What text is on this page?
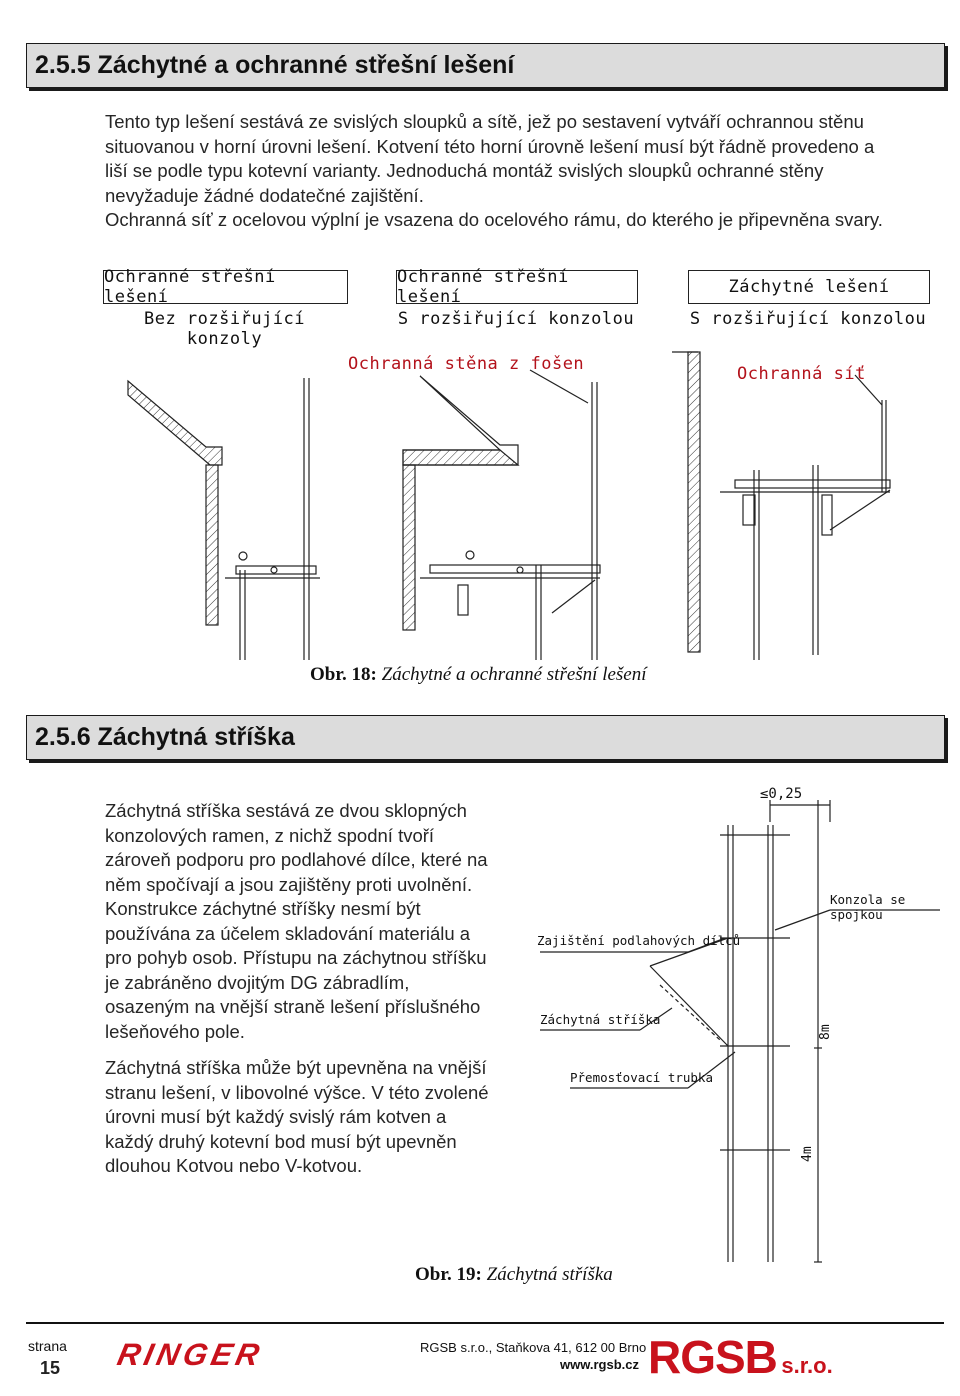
2.5.5 Záchytné a ochranné střešní lešení
Tento typ lešení sestává ze svislých sloupků a sítě, jež po sestavení vytváří ochrannou stěnu
situovanou v horní úrovni lešení. Kotvení této horní úrovně lešení musí být řádně provedeno a
liší se podle typu kotevní varianty. Jednoduchá montáž svislých sloupků ochranné stěny
nevyžaduje žádné dodatečné zajištění.
Ochranná síť z ocelovou výplní je vsazena do ocelového rámu, do kterého je připevněna svary.
Ochranné střešní lešení
Ochranné střešní lešení	Záchytné lešení
Bez rozšiřující konzoly
S rozšiřující konzolou	S rozšiřující konzolou
Ochranná stěna z fošen	Ochranná síť
Obr. 18: Záchytné a ochranné střešní lešení
2.5.6 Záchytná stříška
Záchytná stříška sestává ze dvou sklopných
konzolových ramen, z nichž spodní tvoří
zároveň podporu pro podlahové dílce, které na
něm spočívají a jsou zajištěny proti uvolnění.
Konstrukce záchytné stříšky nesmí být
používána za účelem skladování materiálu a
pro pohyb osob. Přístupu na záchytnou stříšku
je zabráněno dvojitým DG zábradlím,
osazeným na vnější straně lešení příslušného
lešeňového pole.
Záchytná stříška může být upevněna na vnější
stranu lešení, v libovolné výšce. V této zvolené
úrovni musí být každý svislý rám kotven a
každý druhý kotevní bod musí být upevněn
dlouhou Kotvou nebo V-kotvou.
≤0,25
Konzola se spojkou
Zajištění podlahových dílců
Záchytná stříška
Přemosťovací trubka
8m
4m
Obr. 19: Záchytná stříška
strana
15 RINGER	RGSB s.r.o., Staňkova 41, 612 00 Brno
www.rgsb.cz RGSB s.r.o.
